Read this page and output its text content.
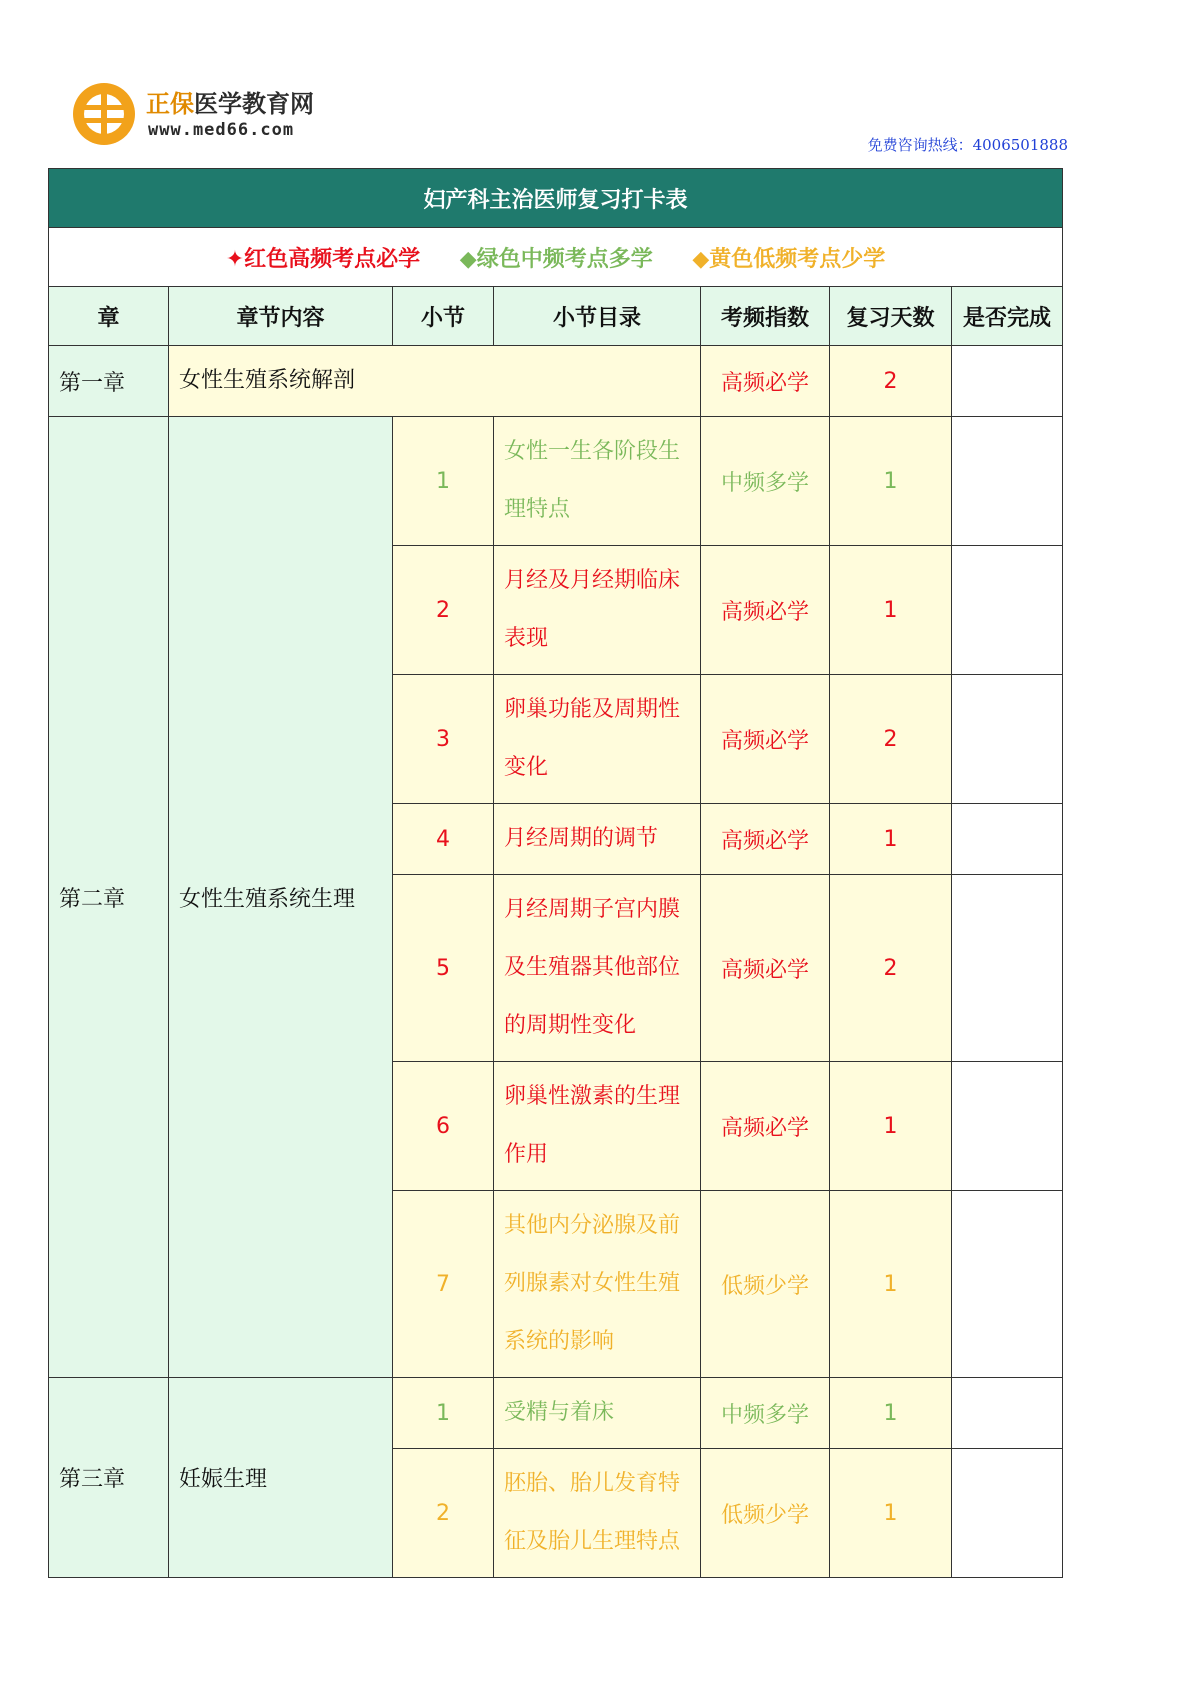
正保医学教育网
www.med66.com
免费咨询热线：4006501888
妇产科主治医师复习打卡表						
✦红色高频考点必学 ◆绿色中频考点多学 ◆黄色低频考点少学						
章	章节内容	小节	小节目录	考频指数	复习天数	是否完成
第一章	女性生殖系统解剖			高频必学	2	
第二章	女性生殖系统生理	1	女性一生各阶段生理特点	中频多学	1	
		2	月经及月经期临床表现	高频必学	1	
		3	卵巢功能及周期性变化	高频必学	2	
		4	月经周期的调节	高频必学	1	
		5	月经周期子宫内膜及生殖器其他部位的周期性变化	高频必学	2	
		6	卵巢性激素的生理作用	高频必学	1	
		7	其他内分泌腺及前列腺素对女性生殖系统的影响	低频少学	1	
第三章	妊娠生理	1	受精与着床	中频多学	1	
		2	胚胎、胎儿发育特征及胎儿生理特点	低频少学	1	
